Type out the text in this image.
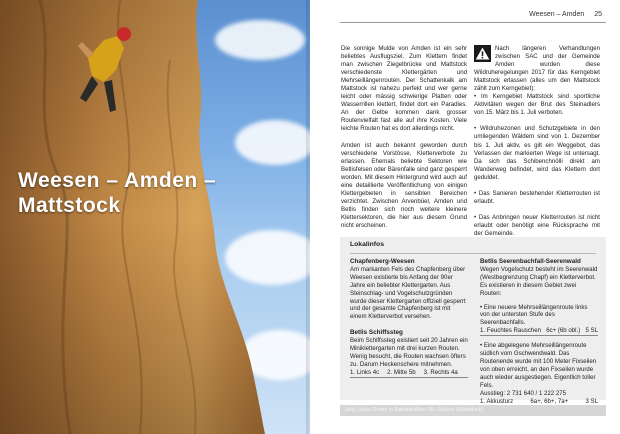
Weesen – Amden –
Mattstock
Weesen – Amden 25

Die sonnige Mulde von Amden ist ein sehr beliebtes Ausflugsziel. Zum Klettern findet man zwischen Ziegelbrücke und Mattstock verschiedenste Klettergärten und Mehrseillängenrouten. Der Schattenkalk am Mattstock ist nahezu perfekt und wer gerne leicht oder mässig schwierige Platten oder Wasserrillen klettert, findet dort ein Paradies. An der Gelbe kommen dank grosser Routenvielfalt fast alle auf ihre Kosten. Viele leichte Routen hat es dort allerdings nicht.

Amden ist auch bekannt geworden durch verschiedene Vorstösse, Kletterverbote zu erlassen. Ehemals beliebte Sektoren wie Betlisfelsen oder Bärenfalle sind ganz gesperrt worden. Mit diesem Hintergrund wird auch auf eine detaillierte Veröffentlichung von einigen Klettergebieten in sensiblen Bereichen verzichtet. Zwischen Arvenbüel, Amden und Betlis finden sich noch weitere kleinere Klettersektoren, die hier aus diesem Grund nicht erscheinen.

Nach längeren Verhandlungen zwischen SAC und der Gemeinde Amden wurden diese Wildruheregelungen 2017 für das Kerngebiet Mattstock erlassen (alles um den Mattstock zählt zum Kerngebiet):

• Im Kerngebiet Mattstock sind sportliche Aktivitäten wegen der Brut des Steinadlers von 15. März bis 1. Juli verboten.

• Wildruhezonen und Schutzgebiete in den umliegenden Wäldern sind von 1. Dezember bis 1. Juli aktiv, es gilt ein Weggebot, das Verlassen der markierten Wege ist untersagt. Da sich das Schibenchnölli direkt am Wanderweg befindet, wird das Klettern dort geduldet.

• Das Sanieren bestehender Kletterrouten ist erlaubt.

• Das Anbringen neuer Kletterrouten ist nicht erlaubt oder benötigt eine Rücksprache mit der Gemeinde.

Lokalinfos
Chapfenberg-Weesen

Am markanten Fels des Chapfenberg über Weesen existierte bis Anfang der 90er Jahre ein beliebter Klettergarten. Aus Steinschlag- und Vogelschutzgründen wurde dieser Klettergarten offiziell gesperrt und der gesamte Chapfenberg ist mit einem Kletterverbot versehen.

Betlis Schiffssteg

Beim Schiffssteg existiert seit 20 Jahren ein Miniklettergarten mit drei kurzen Routen. Wenig besucht, die Routen wachsen öfters zu. Darum Heckenschere mitnehmen.

1. Links 4c 2. Mitte 5b 3. Rechts 4a
Betlis Seerenbachfall-Seerenwald

Wegen Vogelschutz besteht im Seerenwald (Westbegrenzung Chapf) ein Kletterverbot. Es existieren in diesem Gebiet zwei Routen:

• Eine neuere Mehrseillängenroute links von der untersten Stufe des Seerenbachfalls.

1. Feuchtes Rauschen 6c+ (6b obl.) 5 SL

• Eine abgelegene Mehrseillängenroute südlich vom Gschwendwald. Das Routenende wurde mit 100 Meter Fixseilen von oben erreicht, an den Fixseilen wurde auch wieder ausgestiegen. Eigentlich toller Fels.

Ausstieg: 2 731 640 / 1 222 275

1. Akkusturz	6a+, 6b+, 7a+	3 SL
Jörg Lukas Goetz in Bakenbalkon Mt. Galerie (Mattstock)
